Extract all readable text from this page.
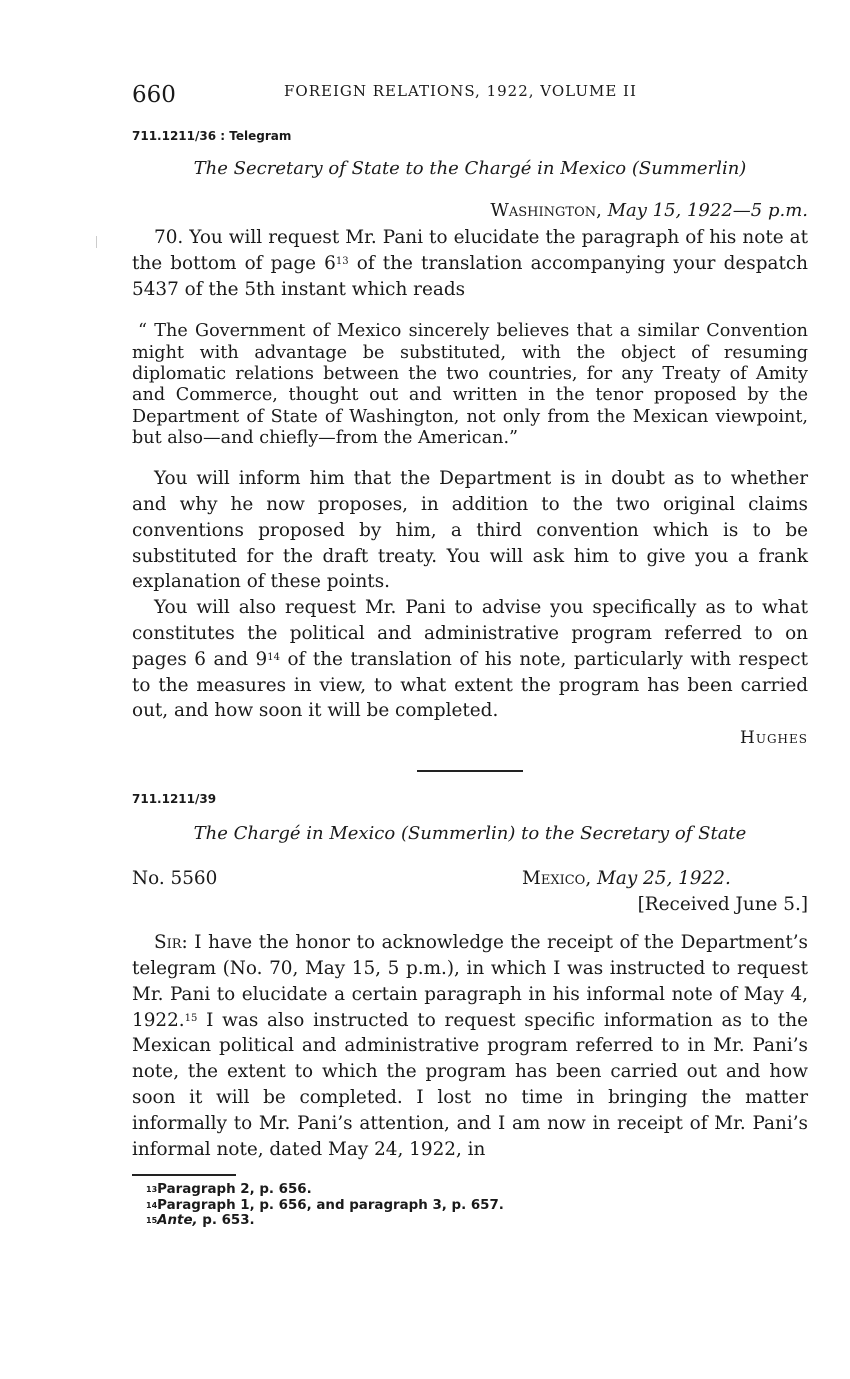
660	FOREIGN RELATIONS, 1922, VOLUME II
711.1211/36 : Telegram
The Secretary of State to the Chargé in Mexico (Summerlin)
Washington, May 15, 1922—5 p.m.

70. You will request Mr. Pani to elucidate the paragraph of his note at the bottom of page $6^{13}$ of the translation accompanying your despatch 5437 of the 5th instant which reads

“ The Government of Mexico sincerely believes that a similar Convention might with advantage be substituted, with the object of resuming diplomatic relations between the two countries, for any Treaty of Amity and Commerce, thought out and written in the tenor proposed by the Department of State of Washington, not only from the Mexican viewpoint, but also—and chiefly—from the American.”

You will inform him that the Department is in doubt as to whether and why he now proposes, in addition to the two original claims conventions proposed by him, a third convention which is to be substituted for the draft treaty. You will ask him to give you a frank explanation of these points.

You will also request Mr. Pani to advise you specifically as to what constitutes the political and administrative program referred to on pages 6 and $9^{14}$ of the translation of his note, particularly with respect to the measures in view, to what extent the program has been carried out, and how soon it will be completed.

Hughes
711.1211/39
The Chargé in Mexico (Summerlin) to the Secretary of State
No. 5560	Mexico, May 25, 1922.
[Received June 5.]

Sir: I have the honor to acknowledge the receipt of the Department’s telegram (No. 70, May 15, 5 p.m.), in which I was instructed to request Mr. Pani to elucidate a certain paragraph in his informal note of May 4, 1922.15 I was also instructed to request specific information as to the Mexican political and administrative program referred to in Mr. Pani’s note, the extent to which the program has been carried out and how soon it will be completed. I lost no time in bringing the matter informally to Mr. Pani’s attention, and I am now in receipt of Mr. Pani’s informal note, dated May 24, 1922, in

$^{13}$Paragraph 2, p. 656.
$^{14}$Paragraph 1, p. 656, and paragraph 3, p. 657.
$^{15}$Ante, p. 653.
